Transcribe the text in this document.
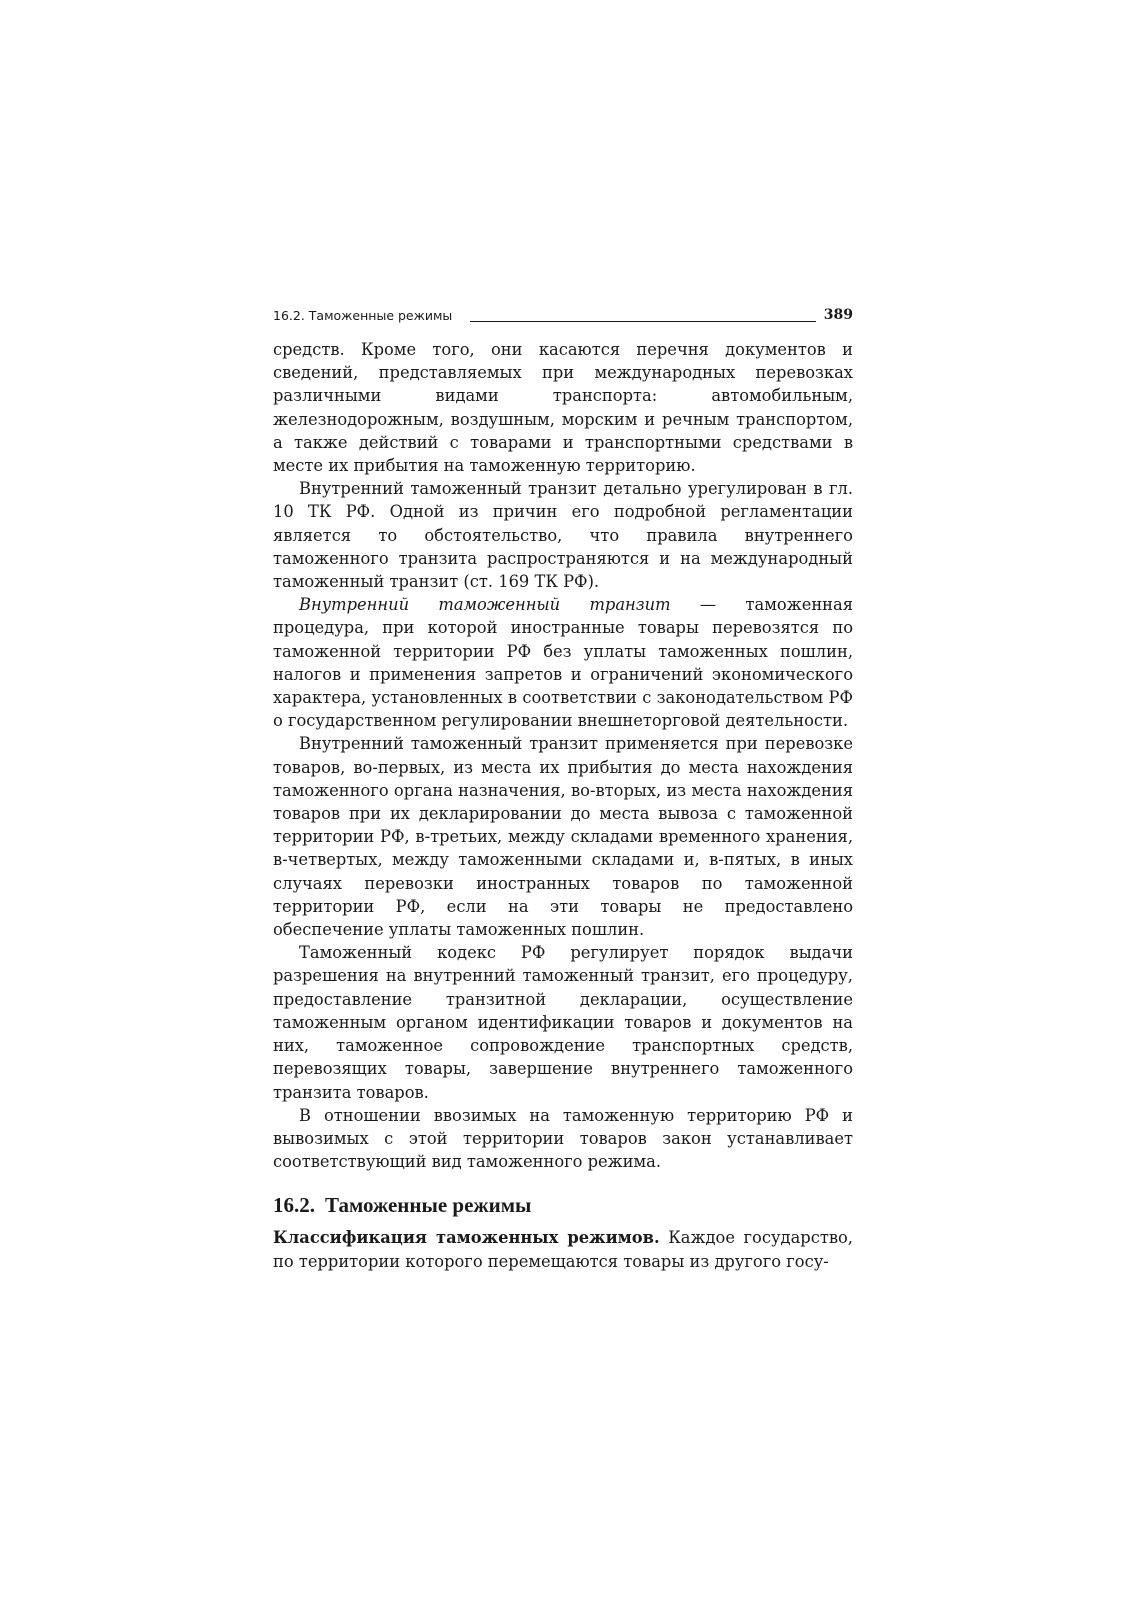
16.2. Таможенные режимы	389

средств. Кроме того, они касаются перечня документов и сведений, представляемых при международных перевозках различными видами транспорта: автомобильным, железнодорожным, воздушным, морским и речным транспортом, а также действий с товарами и транспортными средствами в месте их прибытия на таможенную территорию.

Внутренний таможенный транзит детально урегулирован в гл. 10 ТК РФ. Одной из причин его подробной регламентации является то обстоятельство, что правила внутреннего таможенного транзита распространяются и на международный таможенный транзит (ст. 169 ТК РФ).

Внутренний таможенный транзит — таможенная процедура, при которой иностранные товары перевозятся по таможенной территории РФ без уплаты таможенных пошлин, налогов и применения запретов и ограничений экономического характера, установленных в соответствии с законодательством РФ о государственном регулировании внешнеторговой деятельности.

Внутренний таможенный транзит применяется при перевозке товаров, во-первых, из места их прибытия до места нахождения таможенного органа назначения, во-вторых, из места нахождения товаров при их декларировании до места вывоза с таможенной территории РФ, в-третьих, между складами временного хранения, в-четвертых, между таможенными складами и, в-пятых, в иных случаях перевозки иностранных товаров по таможенной территории РФ, если на эти товары не предоставлено обеспечение уплаты таможенных пошлин.

Таможенный кодекс РФ регулирует порядок выдачи разрешения на внутренний таможенный транзит, его процедуру, предоставление транзитной декларации, осуществление таможенным органом идентификации товаров и документов на них, таможенное сопровождение транспортных средств, перевозящих товары, завершение внутреннего таможенного транзита товаров.

В отношении ввозимых на таможенную территорию РФ и вывозимых с этой территории товаров закон устанавливает соответствующий вид таможенного режима.

16.2. Таможенные режимы

Классификация таможенных режимов. Каждое государство, по территории которого перемещаются товары из другого госу-
